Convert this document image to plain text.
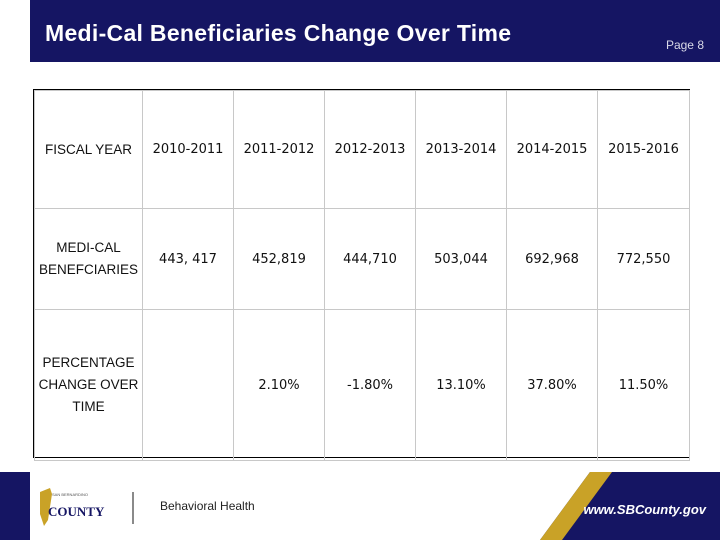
Medi-Cal Beneficiaries Change Over Time	Page 8
FISCAL YEAR	2010-2011	2011-2012	2012-2013	2013-2014	2014-2015	2015-2016
MEDI-CAL BENEFCIARIES	443, 417	452,819	444,710	503,044	692,968	772,550
PERCENTAGE CHANGE OVER TIME		2.10%	-1.80%	13.10%	37.80%	11.50%
SAN BERNARDINO
COUNTY	Behavioral Health	www.SBCounty.gov
